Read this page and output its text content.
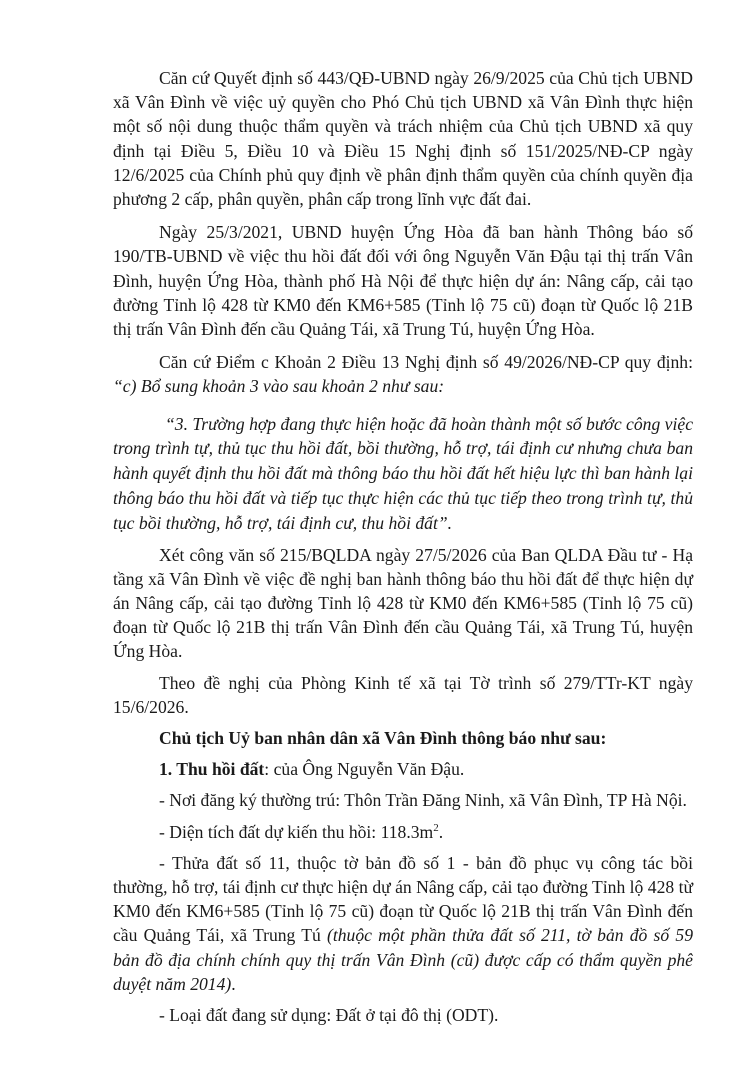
Căn cứ Quyết định số 443/QĐ-UBND ngày 26/9/2025 của Chủ tịch UBND xã Vân Đình về việc uỷ quyền cho Phó Chủ tịch UBND xã Vân Đình thực hiện một số nội dung thuộc thẩm quyền và trách nhiệm của Chủ tịch UBND xã quy định tại Điều 5, Điều 10 và Điều 15 Nghị định số 151/2025/NĐ-CP ngày 12/6/2025 của Chính phủ quy định về phân định thẩm quyền của chính quyền địa phương 2 cấp, phân quyền, phân cấp trong lĩnh vực đất đai.

Ngày 25/3/2021, UBND huyện Ứng Hòa đã ban hành Thông báo số 190/TB-UBND về việc thu hồi đất đối với ông Nguyễn Văn Đậu tại thị trấn Vân Đình, huyện Ứng Hòa, thành phố Hà Nội để thực hiện dự án: Nâng cấp, cải tạo đường Tỉnh lộ 428 từ KM0 đến KM6+585 (Tỉnh lộ 75 cũ) đoạn từ Quốc lộ 21B thị trấn Vân Đình đến cầu Quảng Tái, xã Trung Tú, huyện Ứng Hòa.

Căn cứ Điểm c Khoản 2 Điều 13 Nghị định số 49/2026/NĐ-CP quy định: “c) Bổ sung khoản 3 vào sau khoản 2 như sau:

“3. Trường hợp đang thực hiện hoặc đã hoàn thành một số bước công việc trong trình tự, thủ tục thu hồi đất, bồi thường, hỗ trợ, tái định cư nhưng chưa ban hành quyết định thu hồi đất mà thông báo thu hồi đất hết hiệu lực thì ban hành lại thông báo thu hồi đất và tiếp tục thực hiện các thủ tục tiếp theo trong trình tự, thủ tục bồi thường, hỗ trợ, tái định cư, thu hồi đất”.

Xét công văn số 215/BQLDA ngày 27/5/2026 của Ban QLDA Đầu tư - Hạ tầng xã Vân Đình về việc đề nghị ban hành thông báo thu hồi đất để thực hiện dự án Nâng cấp, cải tạo đường Tỉnh lộ 428 từ KM0 đến KM6+585 (Tỉnh lộ 75 cũ) đoạn từ Quốc lộ 21B thị trấn Vân Đình đến cầu Quảng Tái, xã Trung Tú, huyện Ứng Hòa.

Theo đề nghị của Phòng Kinh tế xã tại Tờ trình số 279/TTr-KT ngày 15/6/2026.

Chủ tịch Uỷ ban nhân dân xã Vân Đình thông báo như sau:

1. Thu hồi đất: của Ông Nguyễn Văn Đậu.

- Nơi đăng ký thường trú: Thôn Trần Đăng Ninh, xã Vân Đình, TP Hà Nội.

- Diện tích đất dự kiến thu hồi: $118.3m^2$.

- Thửa đất số 11, thuộc tờ bản đồ số 1 - bản đồ phục vụ công tác bồi thường, hỗ trợ, tái định cư thực hiện dự án Nâng cấp, cải tạo đường Tỉnh lộ 428 từ KM0 đến KM6+585 (Tỉnh lộ 75 cũ) đoạn từ Quốc lộ 21B thị trấn Vân Đình đến cầu Quảng Tái, xã Trung Tú (thuộc một phần thửa đất số 211, tờ bản đồ số 59 bản đồ địa chính chính quy thị trấn Vân Đình (cũ) được cấp có thẩm quyền phê duyệt năm 2014).

- Loại đất đang sử dụng: Đất ở tại đô thị (ODT).
